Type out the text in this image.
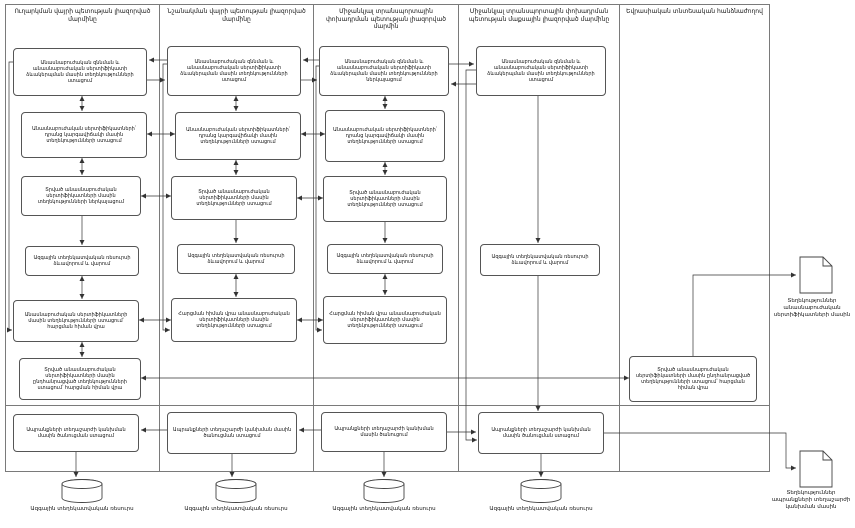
Ուղարկման վայրի պետության լիազորված մարմինը
Նշանակման վայրի պետության լիազորված մարմինը
Միջանկյալ տրանսպորտային փոխադրման պետության լիազորված մարմին
Միջանկյալ տրանսպորտային փոխադրման պետության մաքսային լիազորված մարմինը
Եվրասիական տնտեսական հանձնաժողով
Անասնաբուժական զննման և անասնաբուժական սերտիֆիկատի ձևակերպման մասին տեղեկությունների ստացում
Անասնաբուժական սերտիֆիկատների՝ դրանց կարգավիճակի մասին տեղեկությունների ստացում
Տրված անասնաբուժական սերտիֆիկատների մասին տեղեկությունների ներկայացում
Ազգային տեղեկատվական ռեսուրսի ձևավորում և վարում
Անասնաբուժական սերտիֆիկատների մասին տեղեկությունների ստացում՝ հարցման հիման վրա
Տրված անասնաբուժական սերտիֆիկատների մասին ընդհանրացված տեղեկությունների ստացում՝ հարցման հիման վրա
Ապրանքների տեղաշարժի կանխման մասին ծանուցման ստացում
Անասնաբուժական զննման և անասնաբուժական սերտիֆիկատի ձևակերպման մասին տեղեկությունների ստացում
Անասնաբուժական սերտիֆիկատների՝ դրանց կարգավիճակի մասին տեղեկությունների ստացում
Տրված անասնաբուժական սերտիֆիկատների մասին տեղեկությունների ստացում
Ազգային տեղեկատվական ռեսուրսի ձևավորում և վարում
Հարցման հիման վրա անասնաբուժական սերտիֆիկատների մասին տեղեկությունների ստացում
Ապրանքների տեղաշարժի կանխման մասին ծանուցման ստացում
Անասնաբուժական զննման և անասնաբուժական սերտիֆիկատի ձևակերպման մասին տեղեկությունների ներկայացում
Անասնաբուժական սերտիֆիկատների՝ դրանց կարգավիճակի մասին տեղեկությունների ստացում
Տրված անասնաբուժական սերտիֆիկատների մասին տեղեկությունների ստացում
Ազգային տեղեկատվական ռեսուրսի ձևավորում և վարում
Հարցման հիման վրա անասնաբուժական սերտիֆիկատների մասին տեղեկությունների ստացում
Ապրանքների տեղաշարժի կանխման մասին ծանուցում
Անասնաբուժական զննման և անասնաբուժական սերտիֆիկատի ձևակերպման մասին տեղեկությունների ստացում
Ազգային տեղեկատվական ռեսուրսի ձևավորում և վարում
Ապրանքների տեղաշարժի կանխման մասին ծանուցման ստացում
Տրված անասնաբուժական սերտիֆիկատների մասին ընդհանրացված տեղեկությունների ստացում՝ հարցման հիման վրա
Ազգային տեղեկատվական ռեսուրս	Ազգային տեղեկատվական ռեսուրս	Ազգային տեղեկատվական ռեսուրս	Ազգային տեղեկատվական ռեսուրս
Տեղեկություններ անասնաբուժական սերտիֆիկատների մասին
Տեղեկություններ ապրանքների տեղաշարժի կանխման մասին
